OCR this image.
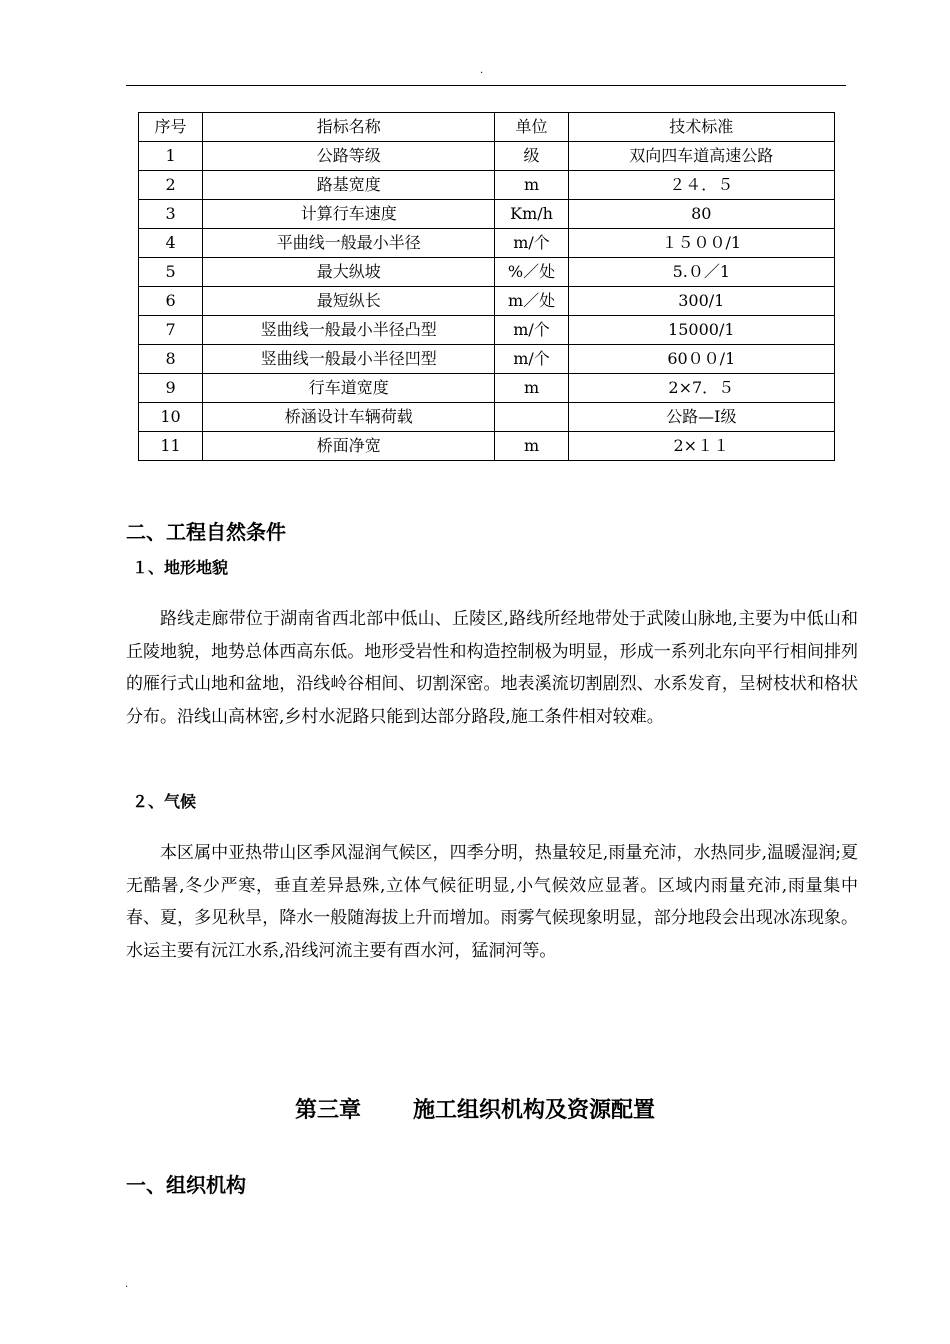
.
序号	指标名称	单位	技术标准
1	公路等级	级	双向四车道高速公路
2	路基宽度	m	２４．５
3	计算行车速度	Km/h	80
4	平曲线一般最小半径	m/个	１５００/1
5	最大纵坡	%／处	5.０／1
6	最短纵长	m／处	300/1
7	竖曲线一般最小半径凸型	m/个	15000/1
8	竖曲线一般最小半径凹型	m/个	60００/1
9	行车道宽度	m	2×7．５
10	桥涵设计车辆荷载		公路—I级
11	桥面净宽	m	2×１１
二、工程自然条件
１、地形地貌

路线走廊带位于湖南省西北部中低山、丘陵区,路线所经地带处于武陵山脉地,主要为中低山和丘陵地貌，地势总体西高东低。地形受岩性和构造控制极为明显，形成一系列北东向平行相间排列的雁行式山地和盆地，沿线岭谷相间、切割深密。地表溪流切割剧烈、水系发育，呈树枝状和格状分布。沿线山高林密,乡村水泥路只能到达部分路段,施工条件相对较难。

２、气候

本区属中亚热带山区季风湿润气候区，四季分明，热量较足,雨量充沛，水热同步,温暖湿润;夏无酷暑,冬少严寒，垂直差异悬殊,立体气候征明显,小气候效应显著。区域内雨量充沛,雨量集中春、夏，多见秋旱，降水一般随海拔上升而增加。雨雾气候现象明显，部分地段会出现冰冻现象。水运主要有沅江水系,沿线河流主要有酉水河，猛洞河等。

第三章 施工组织机构及资源配置
一、组织机构
.
